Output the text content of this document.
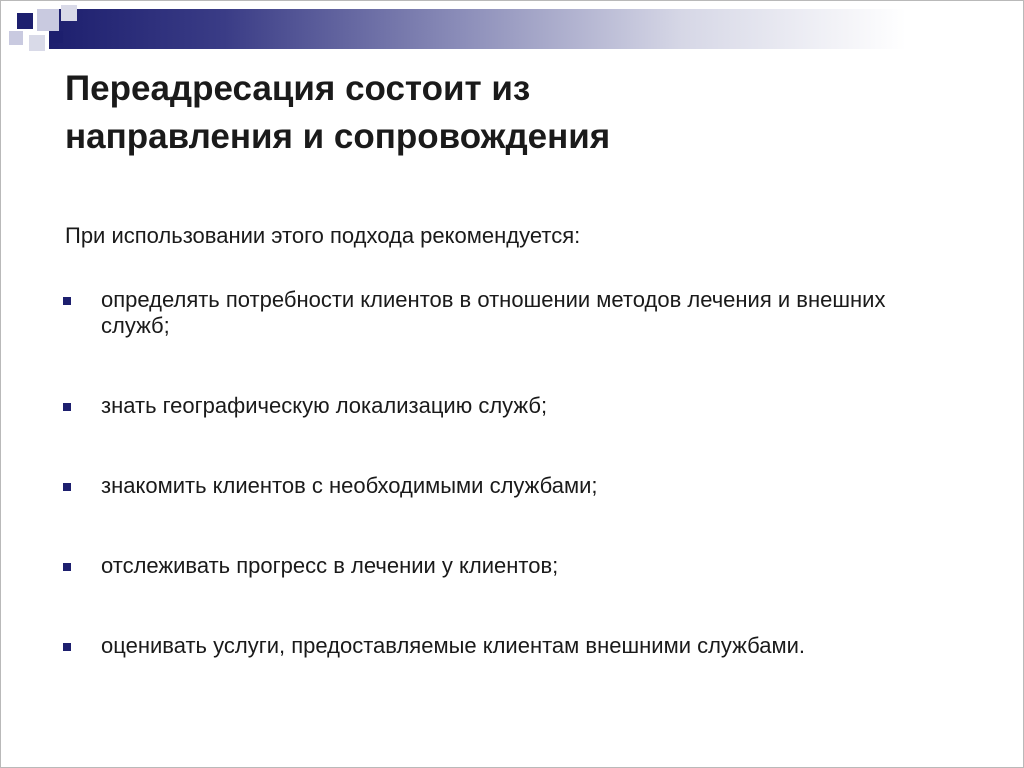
Переадресация состоит из
направления и сопровождения
При использовании этого подхода рекомендуется:
определять потребности клиентов в отношении методов лечения и внешних служб;
знать географическую локализацию служб;
знакомить клиентов с необходимыми службами;
отслеживать прогресс в лечении у клиентов;
оценивать услуги, предоставляемые клиентам внешними службами.
